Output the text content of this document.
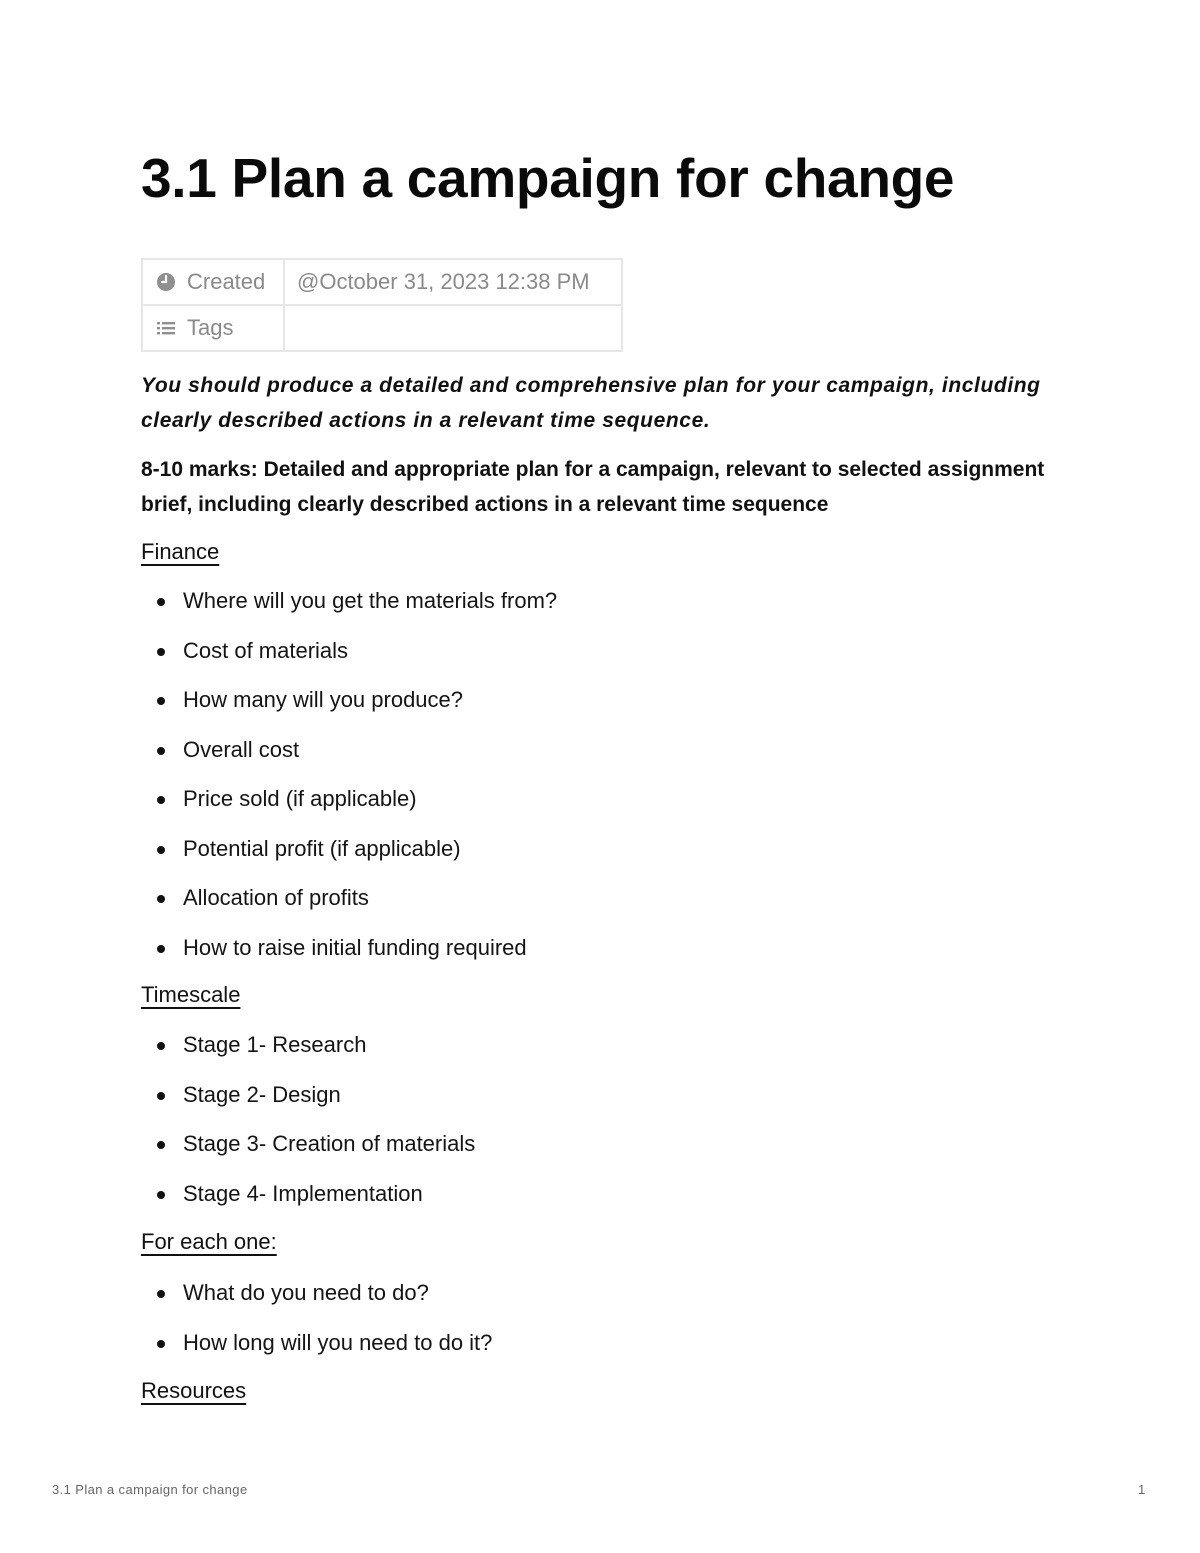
3.1 Plan a campaign for change
Created	@October 31, 2023 12:38 PM

Tags	

You should produce a detailed and comprehensive plan for your campaign, including clearly described actions in a relevant time sequence.

8-10 marks: Detailed and appropriate plan for a campaign, relevant to selected assignment brief, including clearly described actions in a relevant time sequence

Finance

Where will you get the materials from?
Cost of materials
How many will you produce?
Overall cost
Price sold (if applicable)
Potential profit (if applicable)
Allocation of profits
How to raise initial funding required

Timescale

Stage 1- Research
Stage 2- Design
Stage 3- Creation of materials
Stage 4- Implementation

For each one:

What do you need to do?
How long will you need to do it?

Resources

3.1 Plan a campaign for change	1
